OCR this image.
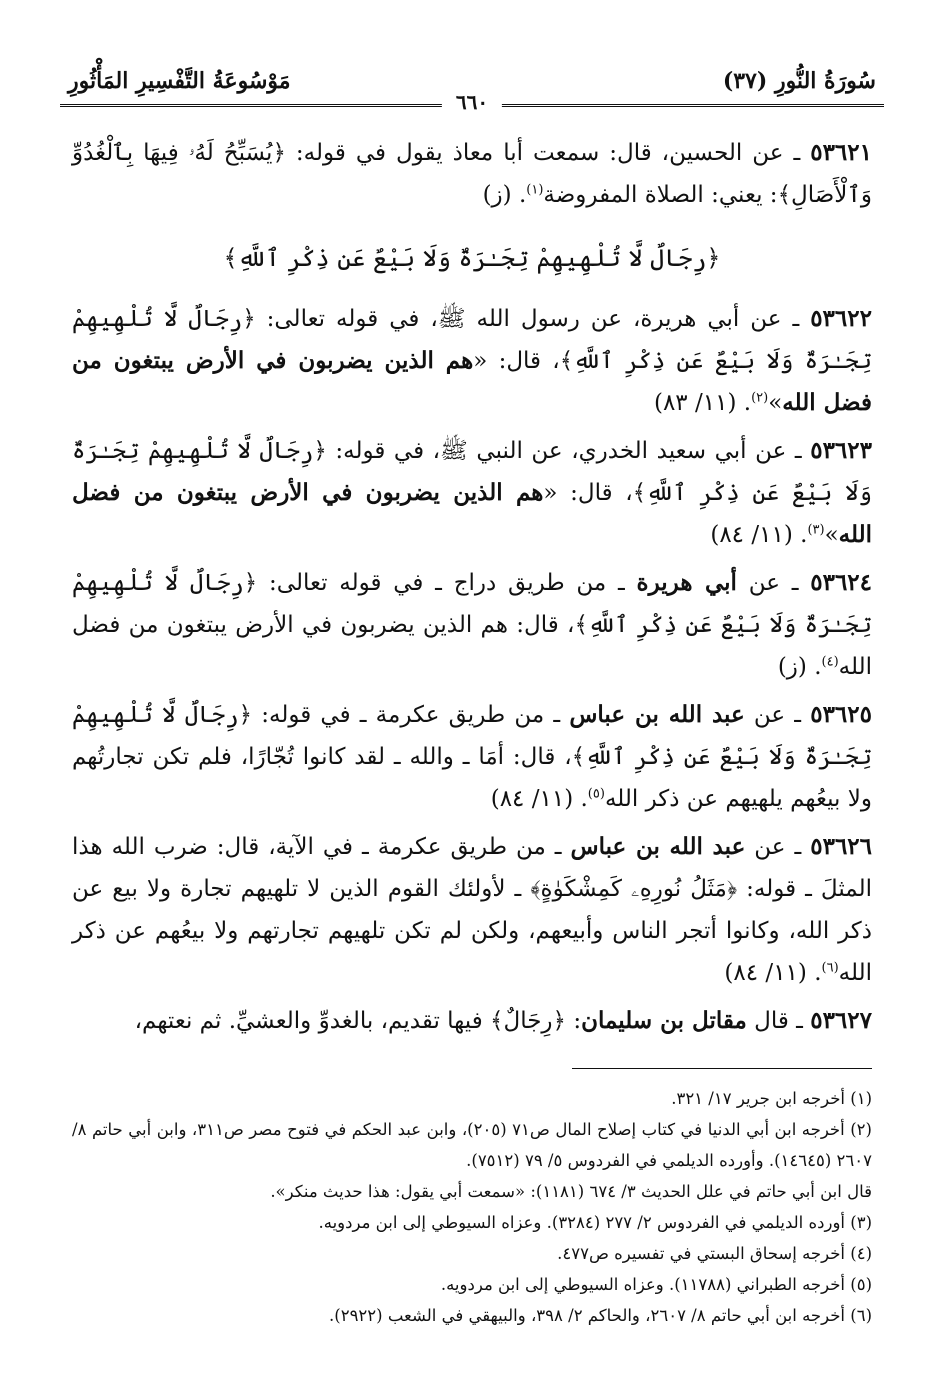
سُورَةُ النُّورِ (٣٧)
مَوْسُوعَةُ التَّفْسِيرِ المَأْثُورِ
٦٦٠

٥٣٦٢١ ـ عن الحسين، قال: سمعت أبا معاذ يقول في قوله: ﴿ يُسَبِّحُ لَهُۥ فِيهَا بِٱلْغُدُوِّ وَٱلْأَصَالِ ﴾: يعني: الصلاة المفروضة$^{(١)}$. (ز)

﴿ رِجَالٌ لَّا تُلْهِيهِمْ تِجَـٰرَةٌ وَلَا بَيْعٌ عَن ذِكْرِ ٱللَّهِ ﴾

٥٣٦٢٢ ـ عن أبي هريرة، عن رسول الله ﷺ، في قوله تعالى: ﴿ رِجَالٌ لَّا تُلْهِيهِمْ تِجَـٰرَةٌ وَلَا بَيْعٌ عَن ذِكْرِ ٱللَّهِ ﴾، قال: «هم الذين يضربون في الأرض يبتغون من فضل الله»$^{(٢)}$. (١١/ ٨٣)

٥٣٦٢٣ ـ عن أبي سعيد الخدري، عن النبي ﷺ، في قوله: ﴿ رِجَالٌ لَّا تُلْهِيهِمْ تِجَـٰرَةٌ وَلَا بَيْعٌ عَن ذِكْرِ ٱللَّهِ ﴾، قال: «هم الذين يضربون في الأرض يبتغون من فضل الله»$^{(٣)}$. (١١/ ٨٤)

٥٣٦٢٤ ـ عن أبي هريرة ـ من طريق دراج ـ في قوله تعالى: ﴿ رِجَالٌ لَّا تُلْهِيهِمْ تِجَـٰرَةٌ وَلَا بَيْعٌ عَن ذِكْرِ ٱللَّهِ ﴾، قال: هم الذين يضربون في الأرض يبتغون من فضل الله$^{(٤)}$. (ز)

٥٣٦٢٥ ـ عن عبد الله بن عباس ـ من طريق عكرمة ـ في قوله: ﴿ رِجَالٌ لَّا تُلْهِيهِمْ تِجَـٰرَةٌ وَلَا بَيْعٌ عَن ذِكْرِ ٱللَّهِ ﴾، قال: أمَا ـ والله ـ لقد كانوا تُجّارًا، فلم تكن تجارتُهم ولا بيعُهم يلهيهم عن ذكر الله$^{(٥)}$. (١١/ ٨٤)

٥٣٦٢٦ ـ عن عبد الله بن عباس ـ من طريق عكرمة ـ في الآية، قال: ضرب الله هذا المثلَ ـ قوله: ﴿ مَثَلُ نُورِهِۦ كَمِشْكَوٰةٍ ﴾ ـ لأولئك القوم الذين لا تلهيهم تجارة ولا بيع عن ذكر الله، وكانوا أتجر الناس وأبيعهم، ولكن لم تكن تلهيهم تجارتهم ولا بيعُهم عن ذكر الله$^{(٦)}$. (١١/ ٨٤)

٥٣٦٢٧ ـ قال مقاتل بن سليمان: ﴿ رِجَالٌ ﴾ فيها تقديم، بالغدوِّ والعشيِّ. ثم نعتهم،

(١) أخرجه ابن جرير ١٧/ ٣٢١.

(٢) أخرجه ابن أبي الدنيا في كتاب إصلاح المال ص٧١ (٢٠٥)، وابن عبد الحكم في فتوح مصر ص٣١١، وابن أبي حاتم ٨/ ٢٦٠٧ (١٤٦٤٥). وأورده الديلمي في الفردوس ٥/ ٧٩ (٧٥١٢).

قال ابن أبي حاتم في علل الحديث ٣/ ٦٧٤ (١١٨١): «سمعت أبي يقول: هذا حديث منكر».

(٣) أورده الديلمي في الفردوس ٢/ ٢٧٧ (٣٢٨٤). وعزاه السيوطي إلى ابن مردويه.

(٤) أخرجه إسحاق البستي في تفسيره ص٤٧٧.

(٥) أخرجه الطبراني (١١٧٨٨). وعزاه السيوطي إلى ابن مردويه.

(٦) أخرجه ابن أبي حاتم ٨/ ٢٦٠٧، والحاكم ٢/ ٣٩٨، والبيهقي في الشعب (٢٩٢٢).
